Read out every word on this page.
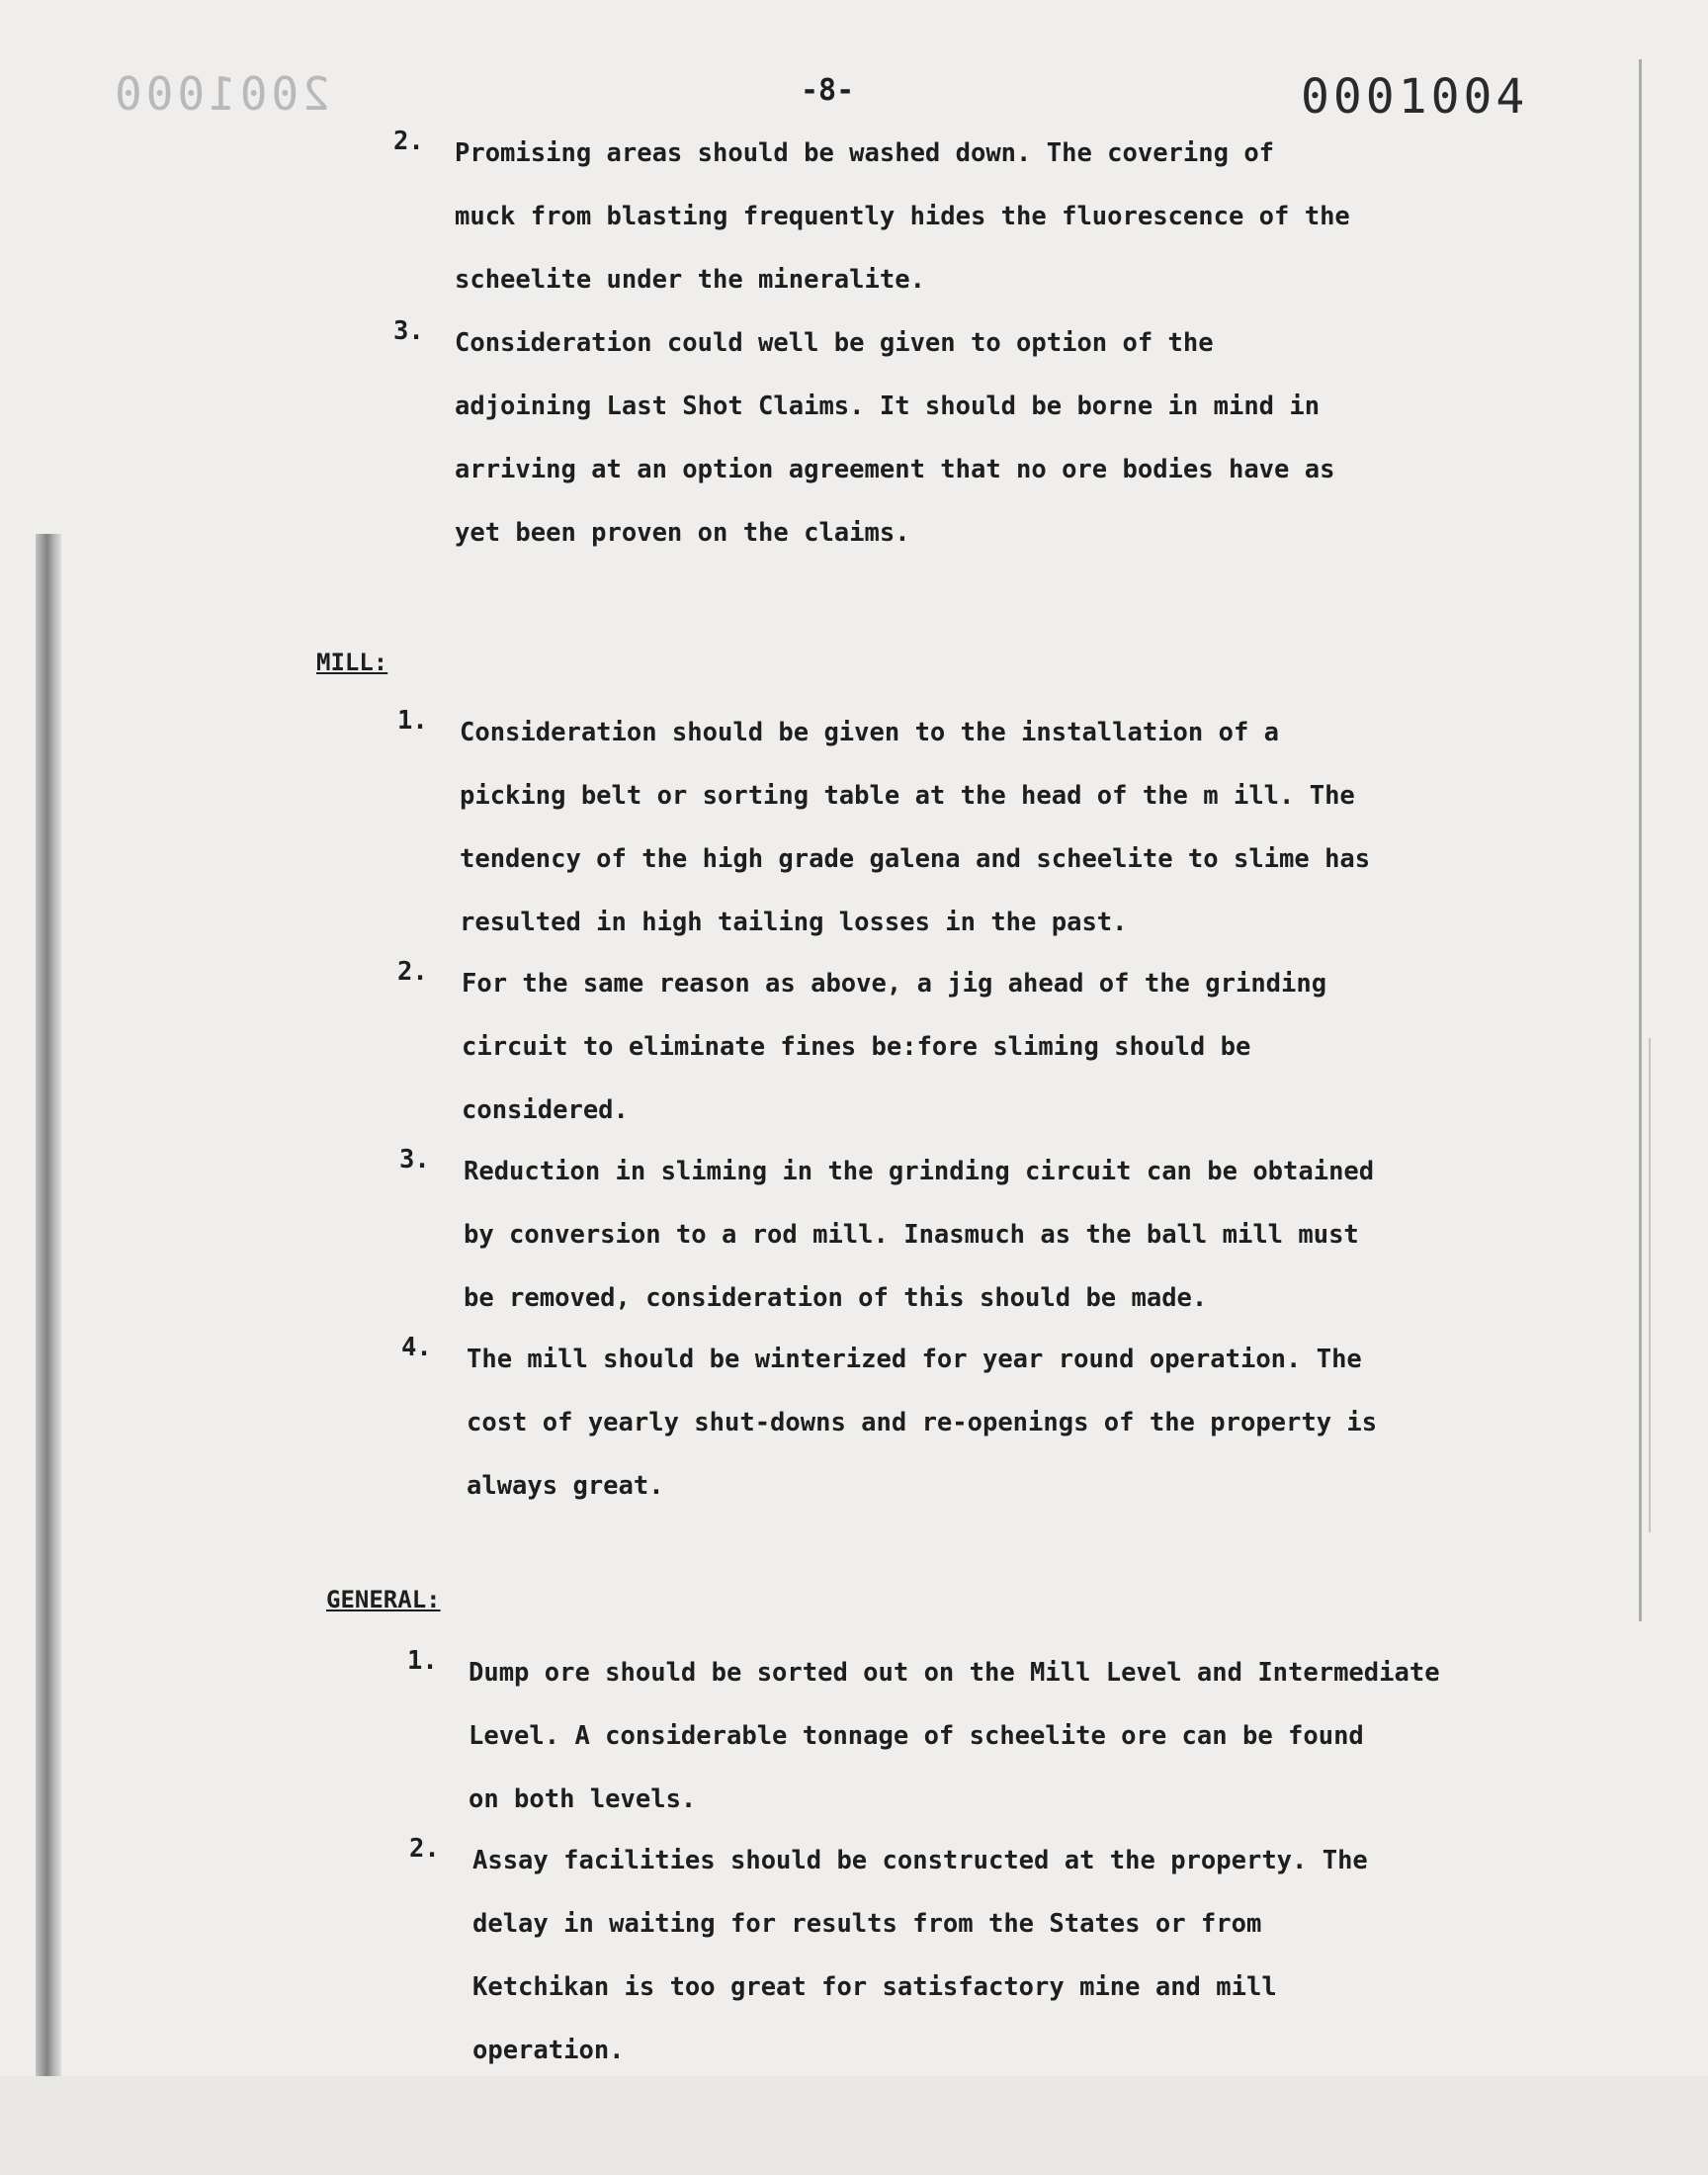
2001000	-8-	0001004
2. Promising areas should be washed down. The covering of
muck from blasting frequently hides the fluorescence of the
scheelite under the mineralite.
3. Consideration could well be given to option of the
adjoining Last Shot Claims. It should be borne in mind in
arriving at an option agreement that no ore bodies have as
yet been proven on the claims.
MILL:
1. Consideration should be given to the installation of a
picking belt or sorting table at the head of the m ill. The
tendency of the high grade galena and scheelite to slime has
resulted in high tailing losses in the past.
2. For the same reason as above, a jig ahead of the grinding
circuit to eliminate fines be:fore sliming should be
considered.
3. Reduction in sliming in the grinding circuit can be obtained
by conversion to a rod mill. Inasmuch as the ball mill must
be removed, consideration of this should be made.
4. The mill should be winterized for year round operation. The
cost of yearly shut-downs and re-openings of the property is
always great.
GENERAL:
1. Dump ore should be sorted out on the Mill Level and Intermediate
Level. A considerable tonnage of scheelite ore can be found
on both levels.
2. Assay facilities should be constructed at the property. The
delay in waiting for results from the States or from
Ketchikan is too great for satisfactory mine and mill
operation.
